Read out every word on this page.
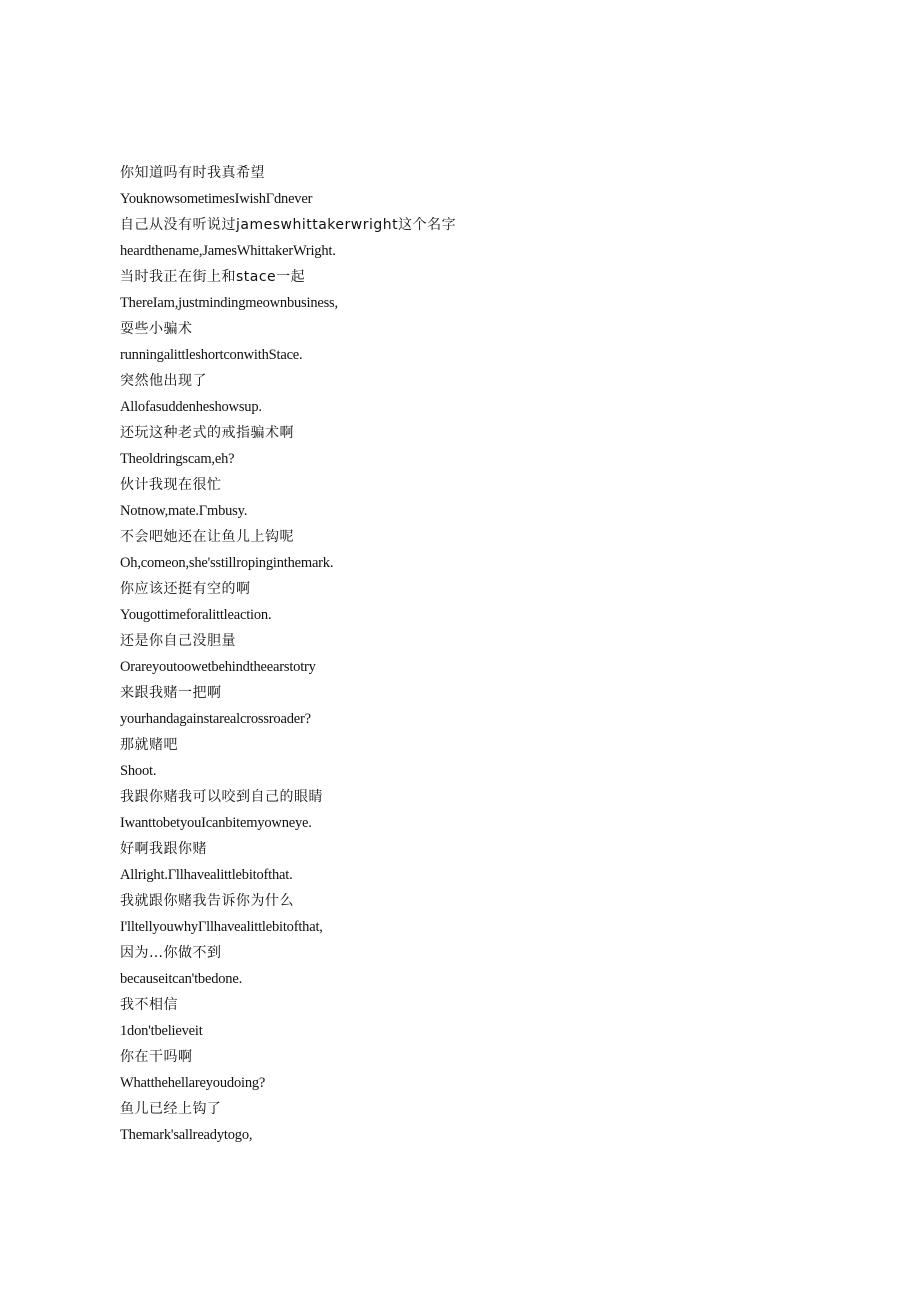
你知道吗有时我真希望
YouknowsometimesIwishΓdnever
自己从没有听说过jameswhittakerwright这个名字
heardthename,JamesWhittakerWright.
当时我正在街上和stace一起
ThereIam,justmindingmeownbusiness,
耍些小骗术
runningalittleshortconwithStace.
突然他出现了
Allofasuddenheshowsup.
还玩这种老式的戒指骗术啊
Theoldringscam,eh?
伙计我现在很忙
Notnow,mate.Γmbusy.
不会吧她还在让鱼儿上钩呢
Oh,comeon,she'sstillropinginthemark.
你应该还挺有空的啊
Yougottimeforalittleaction.
还是你自己没胆量
Orareyoutoowetbehindtheearstotry
来跟我赌一把啊
yourhandagainstarealcrossroader?
那就赌吧
Shoot.
我跟你赌我可以咬到自己的眼睛
IwanttobetyouIcanbitemyowneye.
好啊我跟你赌
Allright.Γllhavealittlebitofthat.
我就跟你赌我告诉你为什么
I'lltellyouwhyΓllhavealittlebitofthat,
因为…你做不到
becauseitcan'tbedone.
我不相信
1don'tbelieveit
你在干吗啊
Whatthehellareyoudoing?
鱼儿已经上钩了
Themark'sallreadytogo,
